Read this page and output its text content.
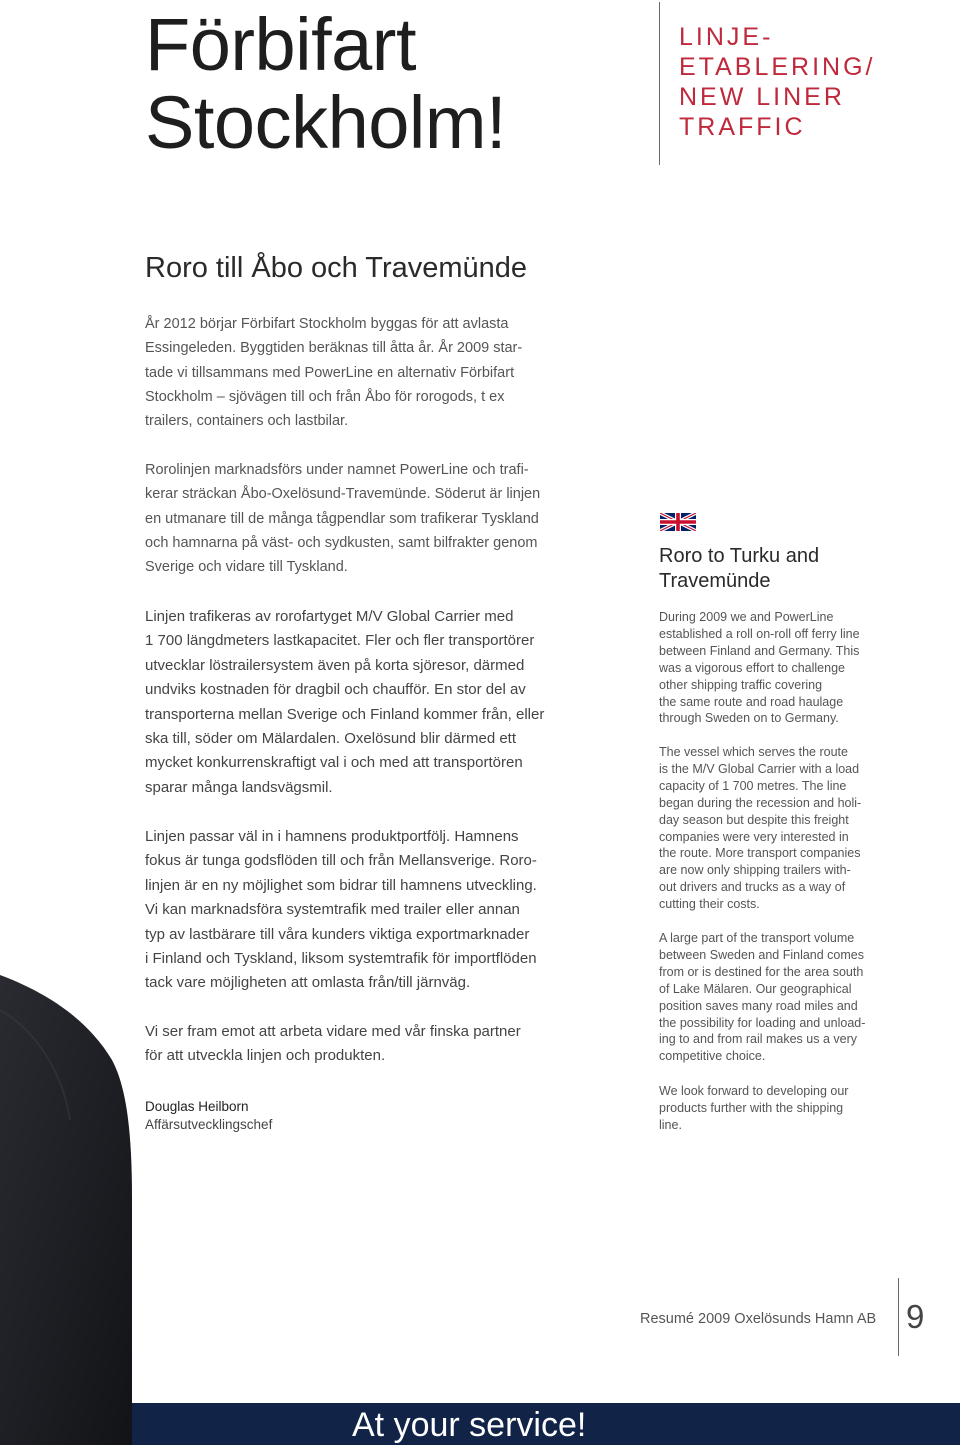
Förbifart
Stockholm!
LINJE-
ETABLERING/
NEW LINER
TRAFFIC
Roro till Åbo och Travemünde
År 2012 börjar Förbifart Stockholm byggas för att avlasta
Essingeleden. Byggtiden beräknas till åtta år. År 2009 star-
tade vi tillsammans med PowerLine en alternativ Förbifart
Stockholm – sjövägen till och från Åbo för rorogods, t ex
trailers, containers och lastbilar.
Rorolinjen marknadsförs under namnet PowerLine och trafi-
kerar sträckan Åbo-Oxelösund-Travemünde. Söderut är linjen
en utmanare till de många tågpendlar som trafikerar Tyskland
och hamnarna på väst- och sydkusten, samt bilfrakter genom
Sverige och vidare till Tyskland.
Linjen trafikeras av rorofartyget M/V Global Carrier med
1 700 längdmeters lastkapacitet. Fler och fler transportörer
utvecklar löstrailersystem även på korta sjöresor, därmed
undviks kostnaden för dragbil och chaufför. En stor del av
transporterna mellan Sverige och Finland kommer från, eller
ska till, söder om Mälardalen. Oxelösund blir därmed ett
mycket konkurrenskraftigt val i och med att transportören
sparar många landsvägsmil.
Linjen passar väl in i hamnens produktportfölj. Hamnens
fokus är tunga godsflöden till och från Mellansverige. Roro-
linjen är en ny möjlighet som bidrar till hamnens utveckling.
Vi kan marknadsföra systemtrafik med trailer eller annan
typ av lastbärare till våra kunders viktiga exportmarknader
i Finland och Tyskland, liksom systemtrafik för importflöden
tack vare möjligheten att omlasta från/till järnväg.
Vi ser fram emot att arbeta vidare med vår finska partner
för att utveckla linjen och produkten.
Douglas Heilborn
Affärsutvecklingschef
Roro to Turku and
Travemünde
During 2009 we and PowerLine
established a roll on-roll off ferry line
between Finland and Germany. This
was a vigorous effort to challenge
other shipping traffic covering
the same route and road haulage
through Sweden on to Germany.
The vessel which serves the route
is the M/V Global Carrier with a load
capacity of 1 700 metres. The line
began during the recession and holi-
day season but despite this freight
companies were very interested in
the route. More transport companies
are now only shipping trailers with-
out drivers and trucks as a way of
cutting their costs.
A large part of the transport volume
between Sweden and Finland comes
from or is destined for the area south
of Lake Mälaren. Our geographical
position saves many road miles and
the possibility for loading and unload-
ing to and from rail makes us a very
competitive choice.
We look forward to developing our
products further with the shipping
line.
Resumé 2009 Oxelösunds Hamn AB 9
At your service!
